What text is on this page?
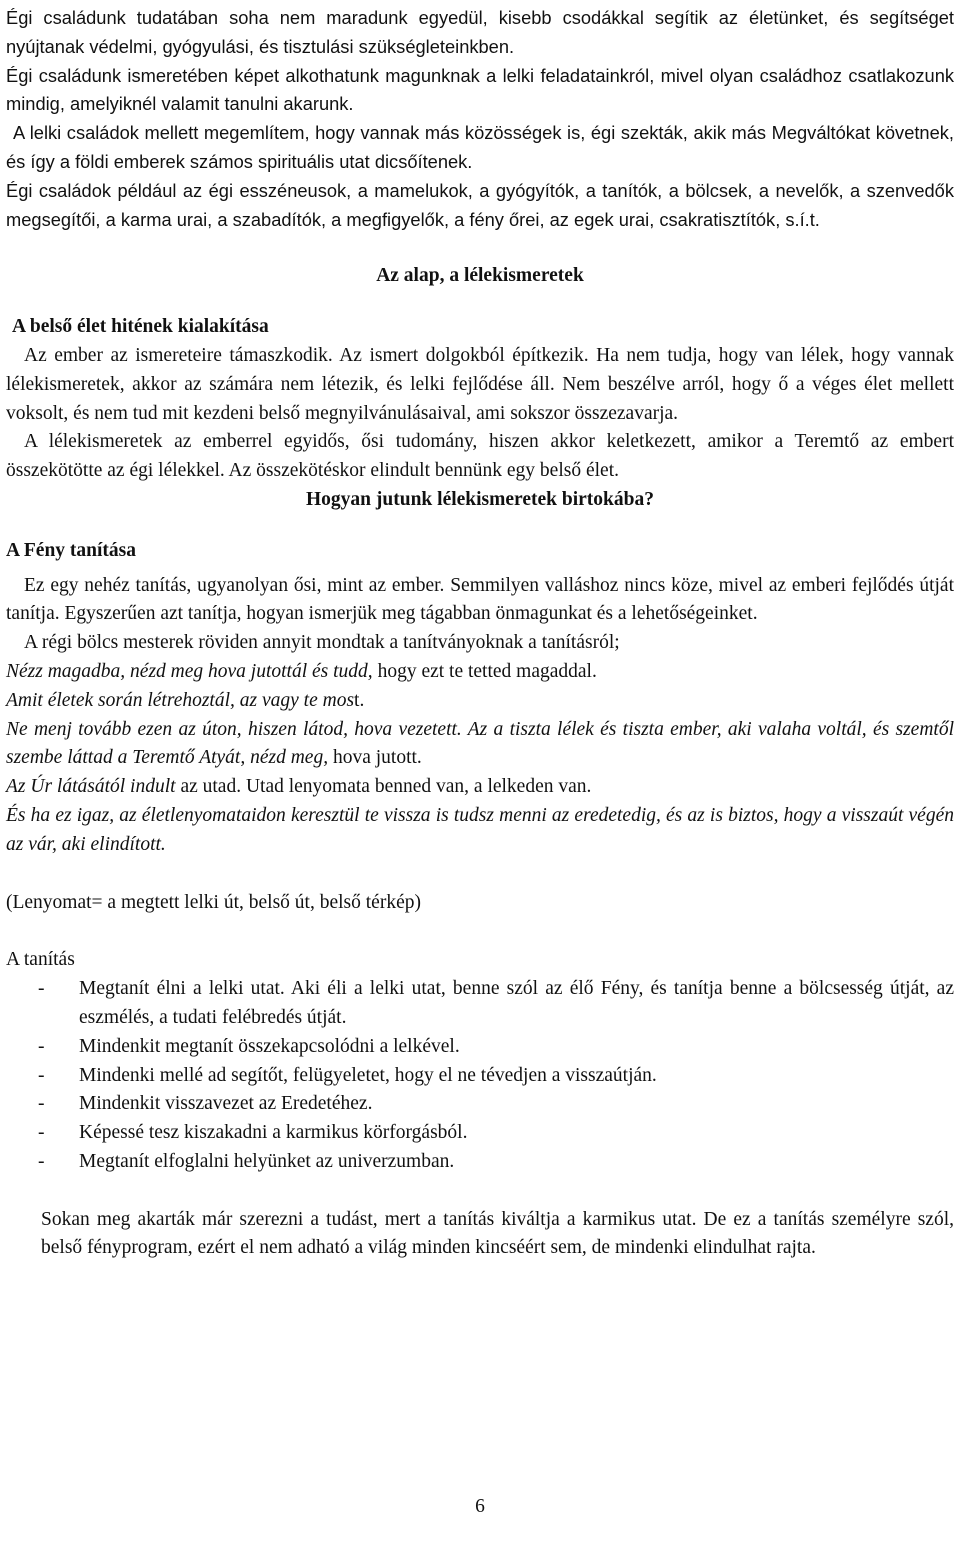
Égi családunk tudatában soha nem maradunk egyedül, kisebb csodákkal segítik az életünket, és segítséget nyújtanak védelmi, gyógyulási, és tisztulási szükségleteinkben.

Égi családunk ismeretében képet alkothatunk magunknak a lelki feladatainkról, mivel olyan családhoz csatlakozunk mindig, amelyiknél valamit tanulni akarunk.

A lelki családok mellett megemlítem, hogy vannak más közösségek is, égi szekták, akik más Megváltókat követnek, és így a földi emberek számos spirituális utat dicsőítenek.

Égi családok például az égi esszéneusok, a mamelukok, a gyógyítók, a tanítók, a bölcsek, a nevelők, a szenvedők megsegítői, a karma urai, a szabadítók, a megfigyelők, a fény őrei, az egek urai, csakratisztítók, s.í.t.

Az alap, a lélekismeretek

A belső élet hitének kialakítása

Az ember az ismereteire támaszkodik. Az ismert dolgokból építkezik. Ha nem tudja, hogy van lélek, hogy vannak lélekismeretek, akkor az számára nem létezik, és lelki fejlődése áll. Nem beszélve arról, hogy ő a véges élet mellett voksolt, és nem tud mit kezdeni belső megnyilvánulásaival, ami sokszor összezavarja.

A lélekismeretek az emberrel egyidős, ősi tudomány, hiszen akkor keletkezett, amikor a Teremtő az embert összekötötte az égi lélekkel. Az összekötéskor elindult bennünk egy belső élet.

Hogyan jutunk lélekismeretek birtokába?

A Fény tanítása

Ez egy nehéz tanítás, ugyanolyan ősi, mint az ember. Semmilyen valláshoz nincs köze, mivel az emberi fejlődés útját tanítja. Egyszerűen azt tanítja, hogyan ismerjük meg tágabban önmagunkat és a lehetőségeinket.

A régi bölcs mesterek röviden annyit mondtak a tanítványoknak a tanításról;

Nézz magadba, nézd meg hova jutottál és tudd, hogy ezt te tetted magaddal.

Amit életek során létrehoztál, az vagy te most.

Ne menj tovább ezen az úton, hiszen látod, hova vezetett. Az a tiszta lélek és tiszta ember, aki valaha voltál, és szemtől szembe láttad a Teremtő Atyát, nézd meg, hova jutott.

Az Úr látásától indult az utad. Utad lenyomata benned van, a lelkeden van.

És ha ez igaz, az életlenyomataidon keresztül te vissza is tudsz menni az eredetedig, és az is biztos, hogy a visszaút végén az vár, aki elindított.

(Lenyomat= a megtett lelki út, belső út, belső térkép)

A tanítás

- Megtanít élni a lelki utat. Aki éli a lelki utat, benne szól az élő Fény, és tanítja benne a bölcsesség útját, az eszmélés, a tudati felébredés útját.
- Mindenkit megtanít összekapcsolódni a lelkével.
- Mindenki mellé ad segítőt, felügyeletet, hogy el ne tévedjen a visszaútján.
- Mindenkit visszavezet az Eredetéhez.
- Képessé tesz kiszakadni a karmikus körforgásból.
- Megtanít elfoglalni helyünket az univerzumban.

Sokan meg akarták már szerezni a tudást, mert a tanítás kiváltja a karmikus utat. De ez a tanítás személyre szól, belső fényprogram, ezért el nem adható a világ minden kincséért sem, de mindenki elindulhat rajta.

6
